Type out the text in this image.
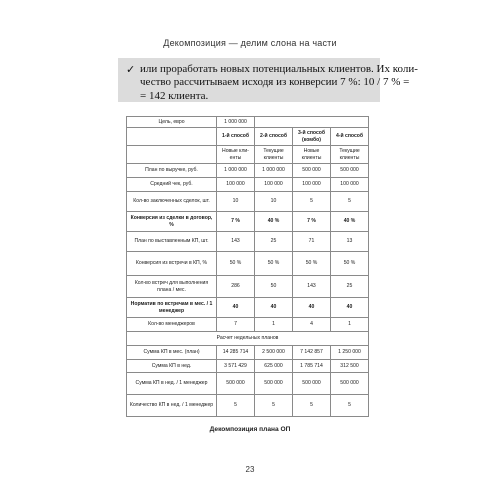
Декомпозиция — делим слона на части
✓ или проработать новых потенциальных клиентов. Их коли-
чество рассчитываем исходя из конверсии 7 %: 10 / 7 % =
= 142 клиента.
Цель, евро	1 000 000			
	1-й способ	2-й способ	3-й способ (комбо)	4-й способ
	Новые кли-енты	Текущие клиенты	Новые клиенты	Текущие клиенты
План по выручке, руб.	1 000 000	1 000 000	500 000	500 000
Средний чек, руб.	100 000	100 000	100 000	100 000
Кол-во заключенных сделок, шт.	10	10	5	5
Конверсия из сделки в договор, %	7 %	40 %	7 %	40 %
План по выставленным КП, шт.	143	25	71	13
Конверсия из встречи в КП, %	50 %	50 %	50 %	50 %
Кол-во встреч для выполнения плана / мес.	286	50	143	25
Норматив по встречам в мес. / 1 менеджер	40	40	40	40
Кол-во менеджеров	7	1	4	1
Расчет недельных планов				
Сумма КП в мес. (план)	14 285 714	2 500 000	7 142 857	1 250 000
Сумма КП в нед.	3 571 429	625 000	1 785 714	312 500
Сумма КП в нед. / 1 менеджер	500 000	500 000	500 000	500 000
Количество КП в нед. / 1 менеджер	5	5	5	5
Декомпозиция плана ОП
23
